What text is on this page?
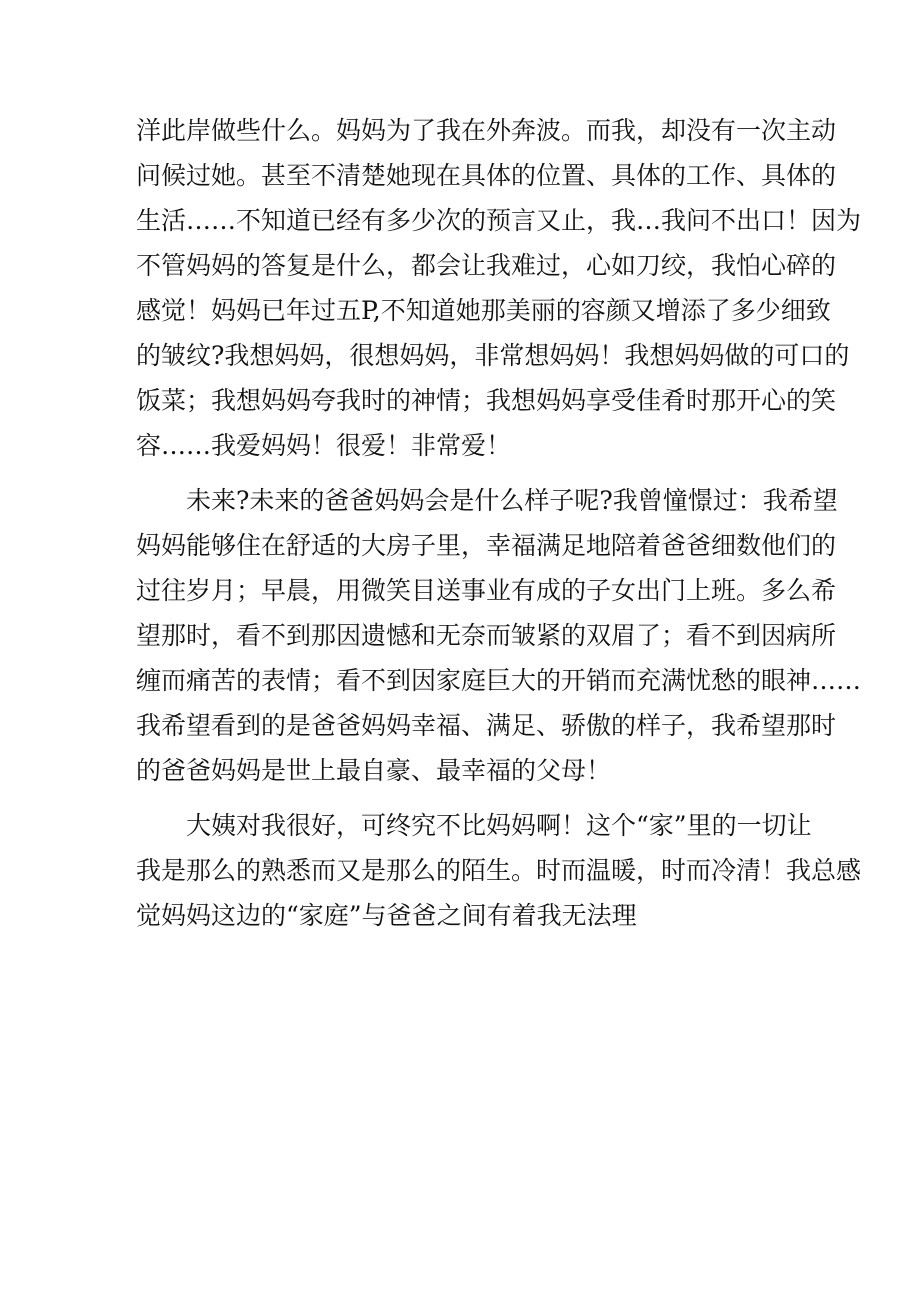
洋此岸做些什么。妈妈为了我在外奔波。而我，却没有一次主动
问候过她。甚至不清楚她现在具体的位置、具体的工作、具体的
生活……不知道已经有多少次的预言又止，我…我问不出口！因为
不管妈妈的答复是什么，都会让我难过，心如刀绞，我怕心碎的
感觉！妈妈已年过五P,不知道她那美丽的容颜又增添了多少细致
的皱纹?我想妈妈，很想妈妈，非常想妈妈！我想妈妈做的可口的
饭菜；我想妈妈夸我时的神情；我想妈妈享受佳肴时那开心的笑
容……我爱妈妈！很爱！非常爱！
未来?未来的爸爸妈妈会是什么样子呢?我曾憧憬过：我希望
妈妈能够住在舒适的大房子里，幸福满足地陪着爸爸细数他们的
过往岁月；早晨，用微笑目送事业有成的子女出门上班。多么希
望那时，看不到那因遗憾和无奈而皱紧的双眉了；看不到因病所
缠而痛苦的表情；看不到因家庭巨大的开销而充满忧愁的眼神……
我希望看到的是爸爸妈妈幸福、满足、骄傲的样子，我希望那时
的爸爸妈妈是世上最自豪、最幸福的父母！
大姨对我很好，可终究不比妈妈啊！这个“家”里的一切让
我是那么的熟悉而又是那么的陌生。时而温暖，时而冷清！我总感
觉妈妈这边的“家庭”与爸爸之间有着我无法理
